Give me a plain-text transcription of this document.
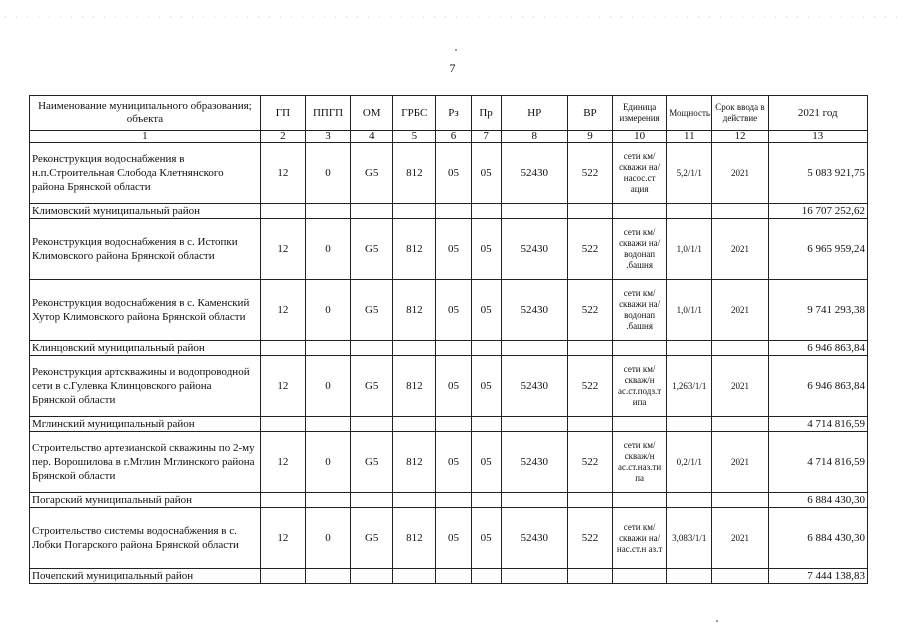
7
Наименование муниципального образования; объекта	ГП	ППГП	ОМ	ГРБС	Рз	Пр	НР	ВР	Единица измерения	Мощность	Срок ввода в действие	2021 год
1	2	3	4	5	6	7	8	9	10	11	12	13
Реконструкция водоснабжения в н.п.Строительная Слобода Клетнянского района Брянской области	12	0	G5	812	05	05	52430	522	сети км/скважи на/насос.ст ация	5,2/1/1	2021	5 083 921,75
Климовский муниципальный район												16 707 252,62
Реконструкция водоснабжения в с. Истопки Климовского района Брянской области	12	0	G5	812	05	05	52430	522	сети км/скважи на/водонап .башня	1,0/1/1	2021	6 965 959,24
Реконструкция водоснабжения в с. Каменский Хутор Климовского района Брянской области	12	0	G5	812	05	05	52430	522	сети км/скважи на/водонап .башня	1,0/1/1	2021	9 741 293,38
Клинцовский муниципальный район												6 946 863,84
Реконструкция артскважины и водопроводной сети в с.Гулевка Клинцовского района Брянской области	12	0	G5	812	05	05	52430	522	сети км/скваж/н ас.ст.подз.т ипа	1,263/1/1	2021	6 946 863,84
Мглинский муниципальный район												4 714 816,59
Строительство артезианской скважины по 2-му пер. Ворошилова в г.Мглин Мглинского района Брянской области	12	0	G5	812	05	05	52430	522	сети км/скваж/н ас.ст.наз.ти па	0,2/1/1	2021	4 714 816,59
Погарский муниципальный район												6 884 430,30
Строительство системы водоснабжения в с. Лобки Погарского района Брянской области	12	0	G5	812	05	05	52430	522	сети км/скважи на/нас.ст.н аз.т	3,083/1/1	2021	6 884 430,30
Почепский муниципальный район												7 444 138,83
